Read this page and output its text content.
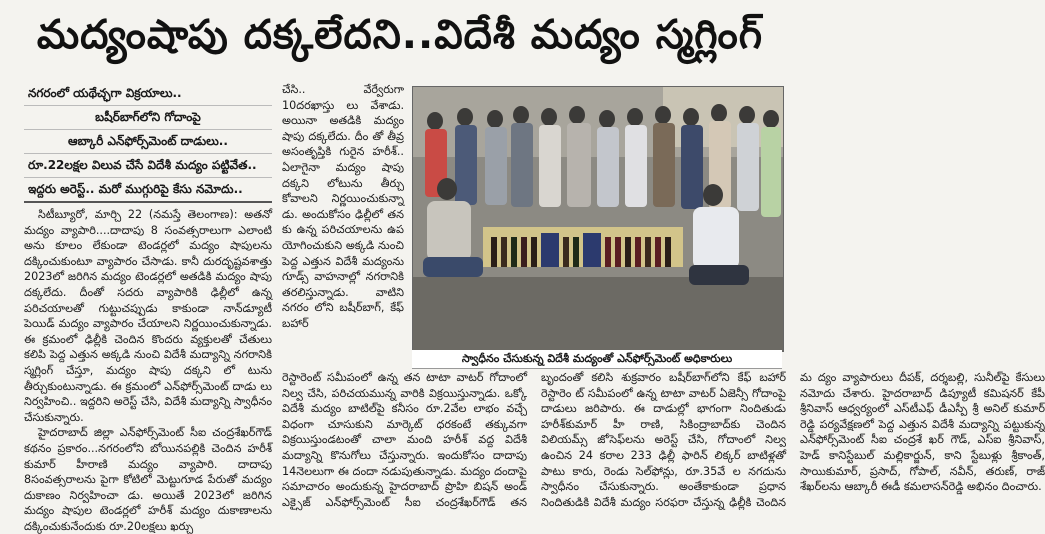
మద్యంషాపు దక్కలేదని..విదేశీ మద్యం స్మగ్లింగ్
నగరంలో యథేచ్ఛగా విక్రయాలు..
బషీర్‌బాగ్‌లోని గోదాంపై
ఆబ్కారీ ఎన్‌ఫోర్స్‌మెంట్ దాడులు..
రూ.22లక్షల విలువ చేసే విదేశీ మద్యం పట్టివేత..
ఇద్దరు అరెస్ట్‌.. మరో ముగ్గురిపై కేసు నమోదు..

సిటీబ్యూరో, మార్చి 22 (నమస్తే తెలంగాణ): అతనో మద్యం వ్యాపారి....దాదాపు 8 సంవత్సరాలుగా ఎలాంటి అను కూలం లేకుండా టెండర్లలో మద్యం షాపులను దక్కించుకుంటూ వ్యాపారం చేసాడు. కానీ దురదృష్టవశాత్తు 2023లో జరిగిన మద్యం టెండర్లలో అతడికి మద్యం షాపు దక్కలేదు. దీంతో సదరు వ్యాపారికి ఢిల్లీలో ఉన్న పరిచయాలతో గుట్టుచప్పుడు కాకుండా నాన్‌డ్యూటీ పెయిడ్ మద్యం వ్యాపారం చేయాలని నిర్ణయించుకున్నాడు. ఈ క్రమంలో ఢిల్లీకి చెందిన కొందరు వ్యక్తులతో చేతులు కలిపి పెద్ద ఎత్తున అక్కడి నుంచి విదేశీ మద్యాన్ని నగరానికి స్మగ్లింగ్ చేస్తూ, మద్యం షాపు దక్కని లో టును తీర్చుకుంటున్నాడు. ఈ క్రమంలో ఎన్‌ఫోర్స్‌మెంట్ దాడు లు నిర్వహించి.. ఇద్దరిని అరెస్ట్ చేసి, విదేశీ మద్యాన్ని స్వాధీనం చేసుకున్నారు.

హైదరాబాద్ జిల్లా ఎన్‌ఫోర్స్‌మెంట్ సీఐ చంద్రశేఖర్‌గౌడ్ కథనం ప్రకారం...నగరంలోని బోయినపల్లికి చెందిన హరీశ్ కుమార్ హీరాణి మద్యం వ్యాపారి. దాదాపు 8సంవత్సరాలను పైగా కోటిలో మెట్టుగూడ పేరుతో మద్యం దుకాణం నిర్వహించా డు. అయితే 2023లో జరిగిన మద్యం షాపుల టెండర్లలో హరీశ్ మద్యం దుకాణాలను దక్కించుకునేందుకు రూ.20లక్షలు ఖర్చు

చేసి.. వేర్వేరుగా 10దరఖాస్తు లు వేశాడు. అయినా అతడికి మద్యం షాపు దక్కలేదు. దీం తో తీవ్ర అసంతృప్తికి గురైన హరీశ్.. ఏలాగైనా మద్యం షాపు దక్కని లోటును తీర్చు కోవాలని నిర్ణయించుకున్నా డు. అందుకోసం ఢిల్లీలో తన కు ఉన్న పరిచయాలను ఉప యోగించుకుని అక్కడి నుంచి పెద్ద ఎత్తున విదేశీ మద్యంను గూడ్స్ వాహనాల్లో నగరానికి తరలిస్తున్నాడు. వాటిని నగరం లోని బషీర్‌బాగ్, కేఫ్ బహార్

స్వాధీనం చేసుకున్న విదేశీ మద్యంతో ఎన్‌ఫోర్స్‌మెంట్ అధికారులు

రెస్టారెంట్ సమీపంలో ఉన్న తన టాటా వాటర్ గోదాంలో నిల్వ చేసి, పరిచయమున్న వారికి విక్రయిస్తున్నాడు. ఒక్కో విదేశీ మద్యం బాటిల్‌పై కనీసం రూ.2వేల లాభం వచ్చే విధంగా చూసుకుని మార్కెట్ ధరకంటే తక్కువగా విక్రయిస్తుండటంతో చాలా మంది హరీశ్ వద్ద విదేశీ మద్యాన్ని కొనుగోలు చేస్తున్నారు. ఇందుకోసం దాదాపు 14నెలలుగా ఈ దందా నడుపుతున్నాడు. మద్యం దందాపై సమాచారం అందుకున్న హైదరాబాద్ ప్రొహి బిషన్ అండ్ ఎక్సైజ్ ఎన్‌ఫోర్స్‌మెంట్ సీఐ చంద్రశేఖర్‌గౌడ్ తన బృందంతో కలిసి శుక్రవారం బషీర్‌బాగ్‌లోని కేఫ్ బహార్ రెస్టారెం ట్ సమీపంలో ఉన్న టాటా వాటర్ ఏజెన్సీ గోదాంపై దాడులు జరిపారు. ఈ దాడుల్లో భాగంగా నిందితుడు హరీశ్‌కుమార్ హీ రాణి, సికింద్రాబాద్‌కు చెందిన విలియమ్స్ జోసెఫ్‌లను అరెస్ట్ చేసి, గోదాంలో నిల్వ ఉంచిన 24 కరాల 233 ఢిల్లీ ఫారిన్ లిక్కర్ బాటిళ్లతో పాటు కారు, రెండు సెల్‌ఫోన్లు, రూ.35వే ల నగదును స్వాధీనం చేసుకున్నారు. అంతేకాకుండా ప్రధాన నిందితుడికి విదేశీ మద్యం సరఫరా చేస్తున్న ఢిల్లీకి చెందిన మ ద్యం వ్యాపారులు దీపక్, దర్శబల్లి, సునీల్‌పై కేసులు నమోదు చేశారు. హైదరాబాద్ డిప్యూటీ కమిషనర్ కేపీ శ్రీనివాస్ ఆధ్వర్యంలో ఎస్‌టీఎఫ్ డీఎస్పీ శ్రీ అనిల్ కుమార్ రెడ్డి పర్యవేక్షణలో పెద్ద ఎత్తున విదేశీ మద్యాన్ని పట్టుకున్న ఎన్‌ఫోర్స్‌మెంట్ సీఐ చంద్రశే ఖర్ గౌడ్, ఎస్ఐ శ్రీనివాస్, హెడ్ కానిస్టేబుల్ మల్లికార్జున్, కాని స్టేబుళ్లు శ్రీకాంత్, సాయికుమార్, ప్రసాద్, గోపాల్, నవీన్, తరుణ్, రాజ్ శేఖర్‌లను ఆబ్కారీ ఈడీ కమలాసన్‌రెడ్డి అభినం దించారు.
